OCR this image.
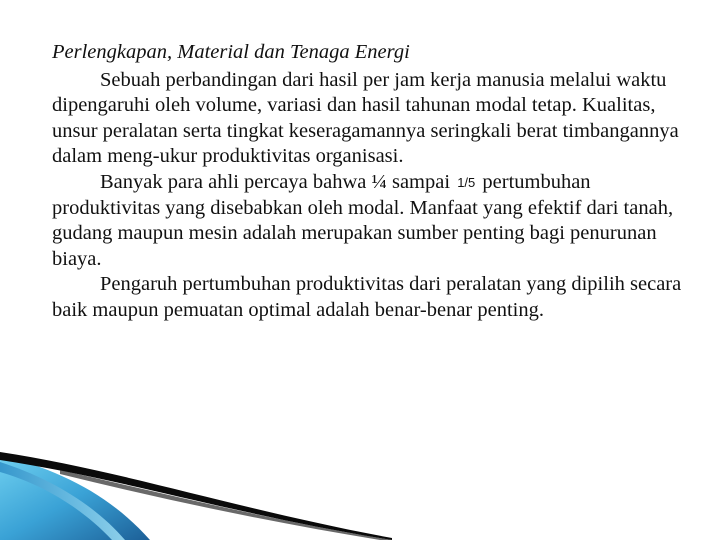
Perlengkapan, Material dan Tenaga Energi

Sebuah perbandingan dari hasil per jam kerja manusia melalui waktu dipengaruhi oleh volume, variasi dan hasil tahunan modal tetap. Kualitas, unsur peralatan serta tingkat keseragamannya seringkali berat timbangannya dalam meng-ukur produktivitas organisasi.

Banyak para ahli percaya bahwa ¼ sampai 1/5 pertumbuhan produktivitas yang disebabkan oleh modal. Manfaat yang efektif dari tanah, gudang maupun mesin adalah merupakan sumber penting bagi penurunan biaya.

Pengaruh pertumbuhan produktivitas dari peralatan yang dipilih secara baik maupun pemuatan optimal adalah benar-benar penting.
